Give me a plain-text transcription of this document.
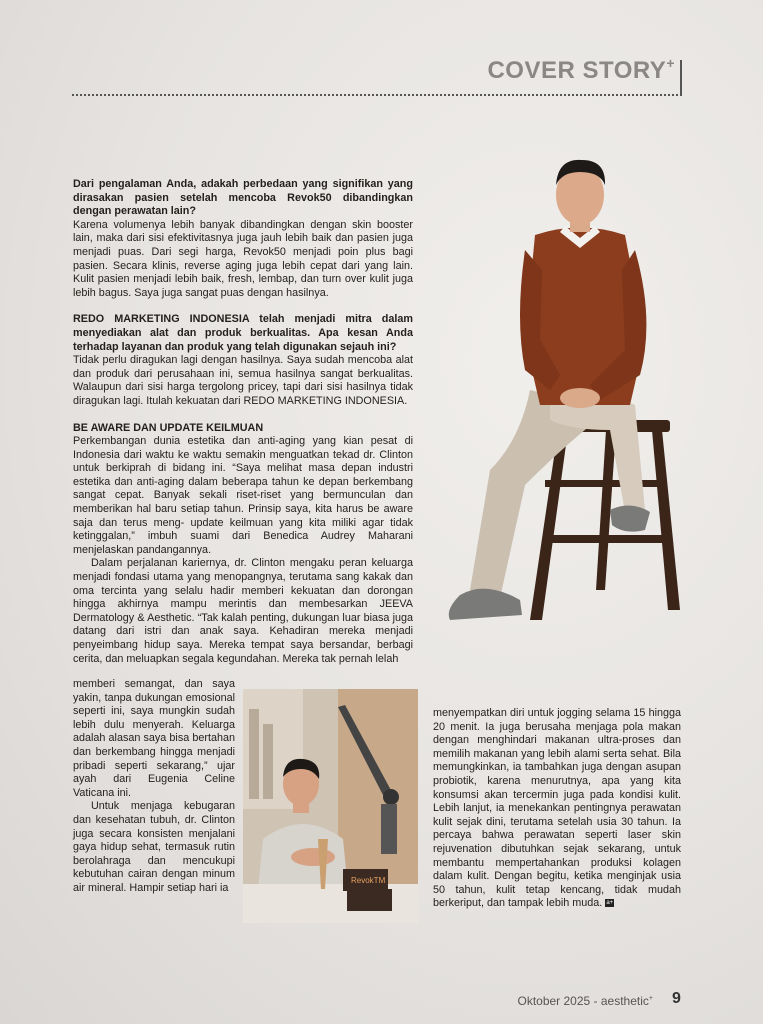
COVER STORY+

Dari pengalaman Anda, adakah perbedaan yang signifikan yang dirasakan pasien setelah mencoba Revok50 dibandingkan dengan perawatan lain?

Karena volumenya lebih banyak dibandingkan dengan skin booster lain, maka dari sisi efektivitasnya juga jauh lebih baik dan pasien juga menjadi puas. Dari segi harga, Revok50 menjadi poin plus bagi pasien. Secara klinis, reverse aging juga lebih cepat dari yang lain. Kulit pasien menjadi lebih baik, fresh, lembap, dan turn over kulit juga lebih bagus. Saya juga sangat puas dengan hasilnya.

REDO MARKETING INDONESIA telah menjadi mitra dalam menyediakan alat dan produk berkualitas. Apa kesan Anda terhadap layanan dan produk yang telah digunakan sejauh ini?

Tidak perlu diragukan lagi dengan hasilnya. Saya sudah mencoba alat dan produk dari perusahaan ini, semua hasilnya sangat berkualitas. Walaupun dari sisi harga tergolong pricey, tapi dari sisi hasilnya tidak diragukan lagi. Itulah kekuatan dari REDO MARKETING INDONESIA.

BE AWARE DAN UPDATE KEILMUAN

Perkembangan dunia estetika dan anti-aging yang kian pesat di Indonesia dari waktu ke waktu semakin menguatkan tekad dr. Clinton untuk berkiprah di bidang ini. “Saya melihat masa depan industri estetika dan anti-aging dalam beberapa tahun ke depan berkembang sangat cepat. Banyak sekali riset-riset yang bermunculan dan memberikan hal baru setiap tahun. Prinsip saya, kita harus be aware saja dan terus meng- update keilmuan yang kita miliki agar tidak ketinggalan,” imbuh suami dari Benedica Audrey Maharani menjelaskan pandangannya.

Dalam perjalanan kariernya, dr. Clinton mengaku peran keluarga menjadi fondasi utama yang menopangnya, terutama sang kakak dan oma tercinta yang selalu hadir memberi kekuatan dan dorongan hingga akhirnya mampu merintis dan membesarkan JEEVA Dermatology & Aesthetic. “Tak kalah penting, dukungan luar biasa juga datang dari istri dan anak saya. Kehadiran mereka menjadi penyeimbang hidup saya. Mereka tempat saya bersandar, berbagi cerita, dan meluapkan segala kegundahan. Mereka tak pernah lelah

memberi semangat, dan saya yakin, tanpa dukungan emosional seperti ini, saya mungkin sudah lebih dulu menyerah. Keluarga adalah alasan saya bisa bertahan dan berkembang hingga menjadi pribadi seperti sekarang,” ujar ayah dari Eugenia Celine Vaticana ini.

Untuk menjaga kebugaran dan kesehatan tubuh, dr. Clinton juga secara konsisten menjalani gaya hidup sehat, termasuk rutin berolahraga dan mencukupi kebutuhan cairan dengan minum air mineral. Hampir setiap hari ia

RevokTM

menyempatkan diri untuk jogging selama 15 hingga 20 menit. Ia juga berusaha menjaga pola makan dengan menghindari makanan ultra-proses dan memilih makanan yang lebih alami serta sehat. Bila memungkinkan, ia tambahkan juga dengan asupan probiotik, karena menurutnya, apa yang kita konsumsi akan tercermin juga pada kondisi kulit. Lebih lanjut, ia menekankan pentingnya perawatan kulit sejak dini, terutama setelah usia 30 tahun. Ia percaya bahwa perawatan seperti laser skin rejuvenation dibutuhkan sejak sekarang, untuk membantu mempertahankan produksi kolagen dalam kulit. Dengan begitu, ketika menginjak usia 50 tahun, kulit tetap kencang, tidak mudah berkeriput, dan tampak lebih muda. a+

Oktober 2025 - aesthetic+ 9
